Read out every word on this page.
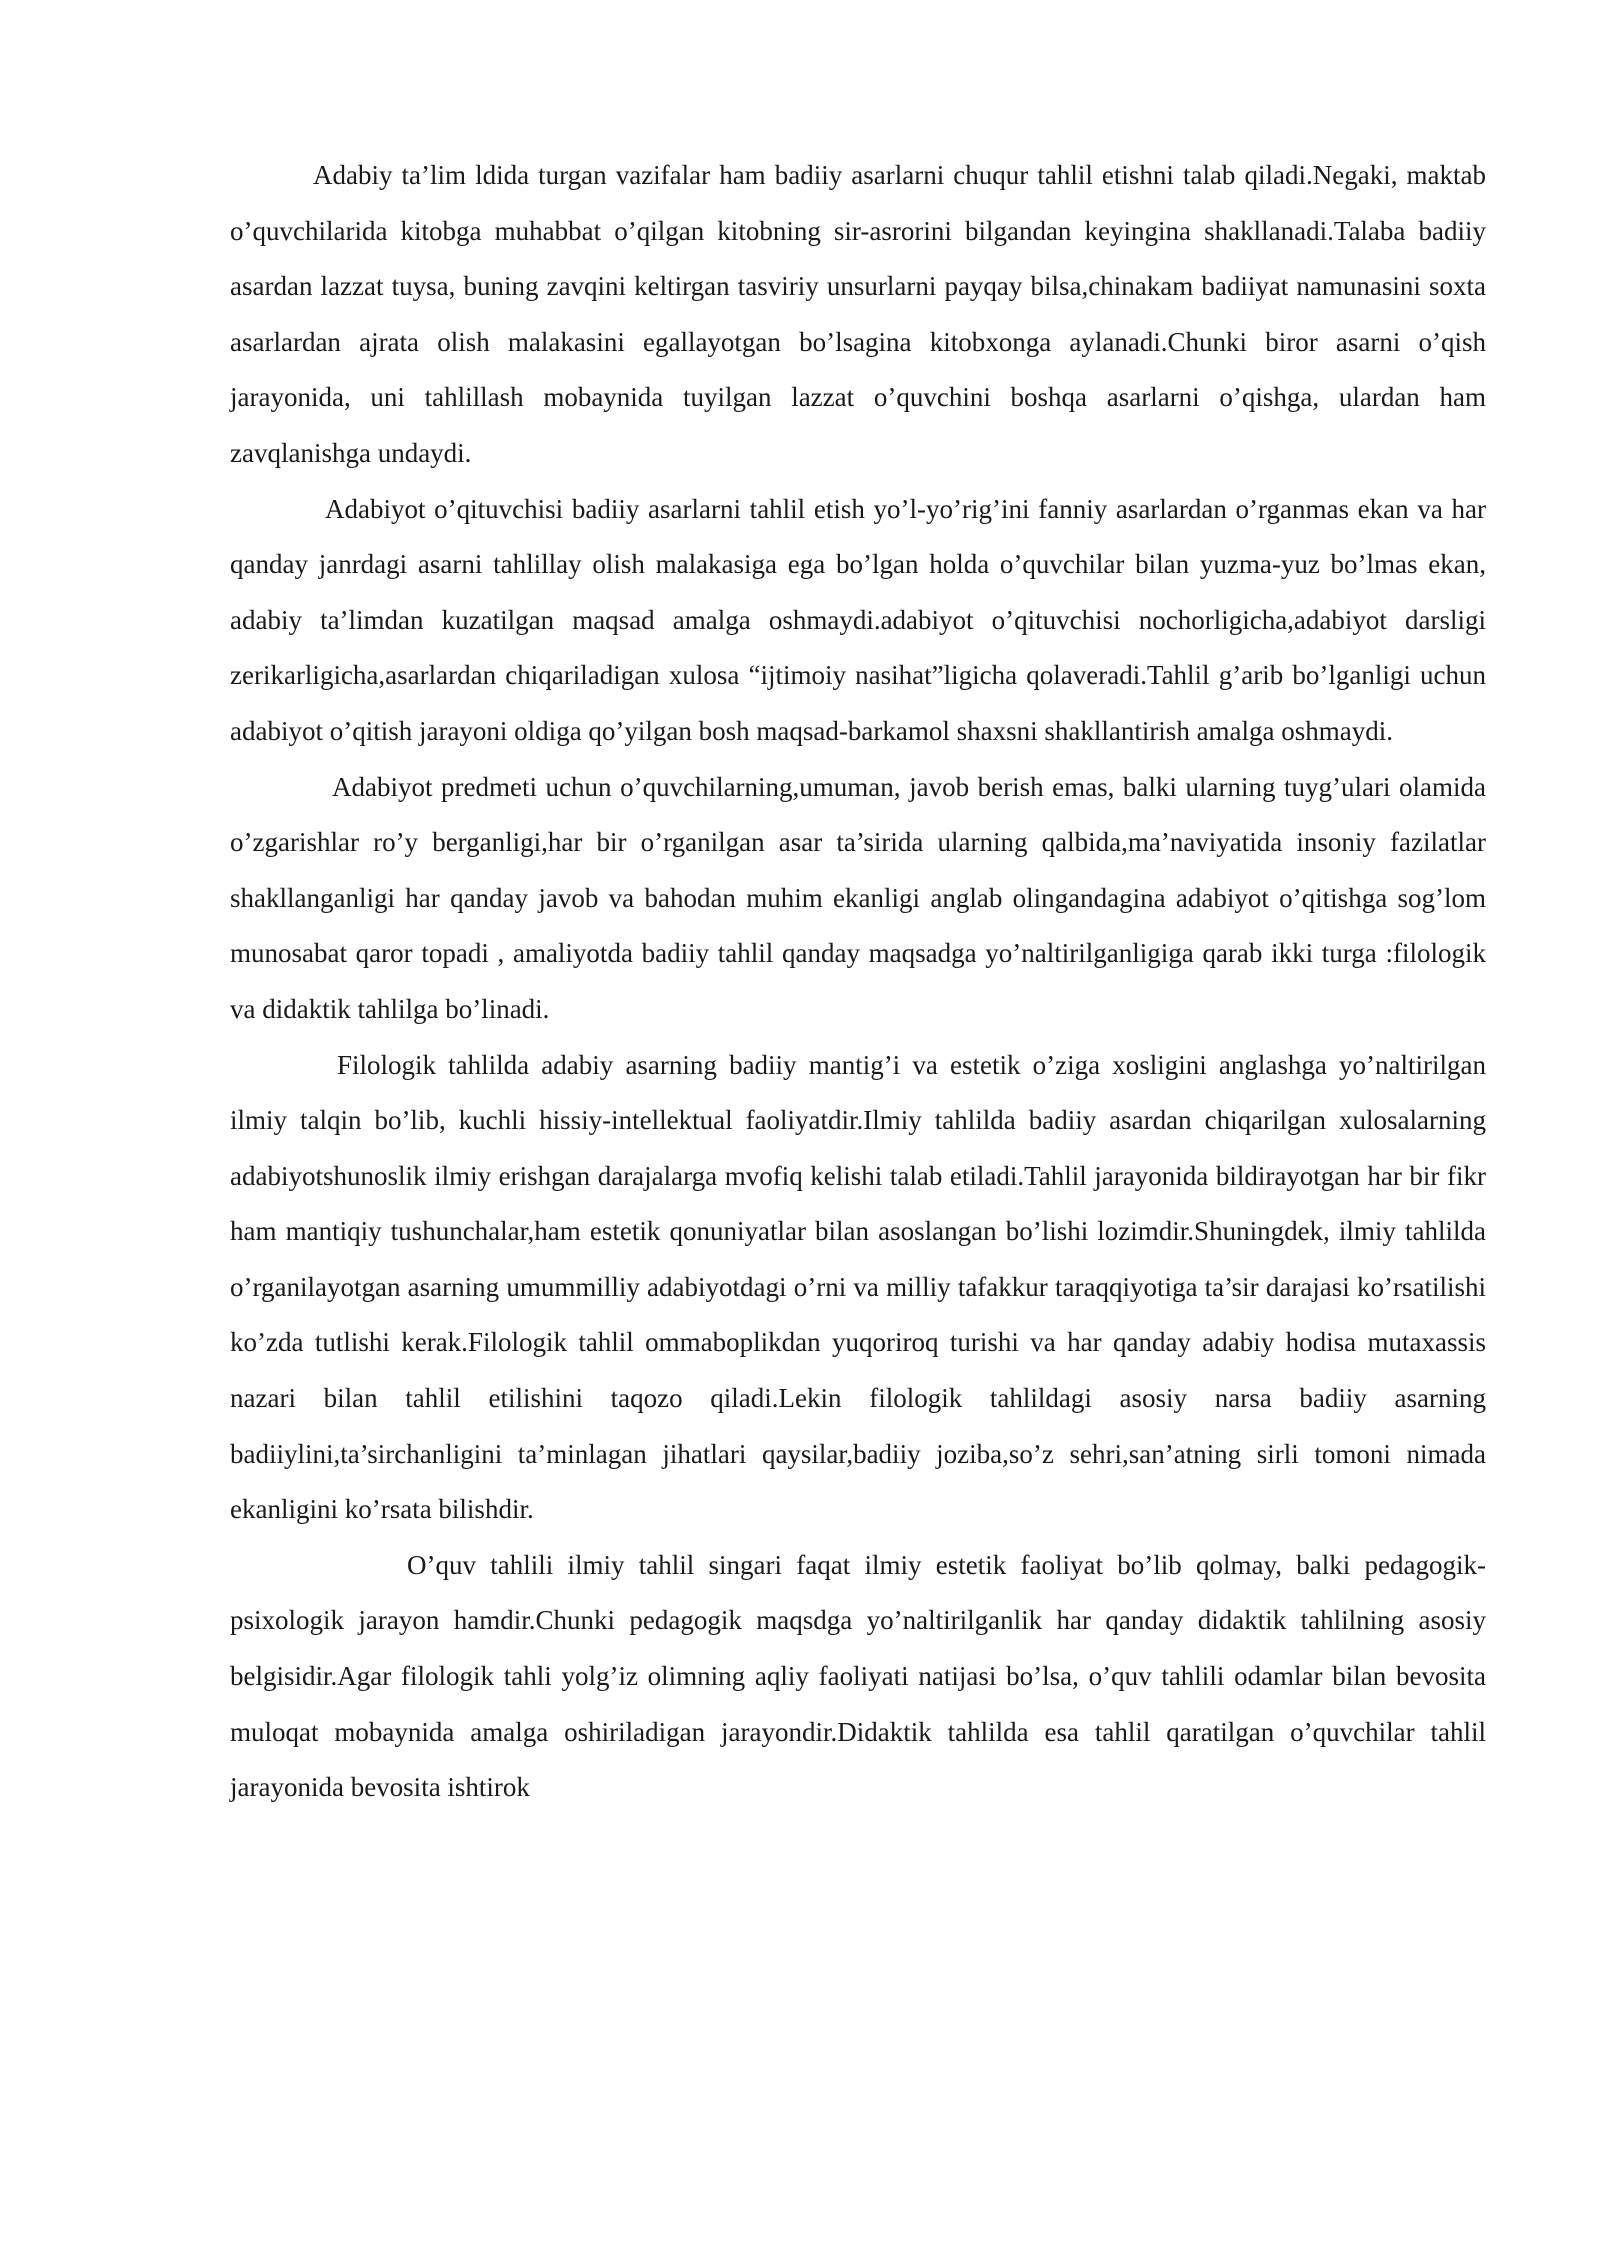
Adabiy ta’lim ldida turgan vazifalar ham badiiy asarlarni chuqur tahlil etishni talab qiladi.Negaki, maktab o’quvchilarida kitobga muhabbat o’qilgan kitobning sir-asrorini bilgandan keyingina shakllanadi.Talaba badiiy asardan lazzat tuysa, buning zavqini keltirgan tasviriy unsurlarni payqay bilsa,chinakam badiiyat namunasini soxta asarlardan ajrata olish malakasini egallayotgan bo’lsagina kitobxonga aylanadi.Chunki biror asarni o’qish jarayonida, uni tahlillash mobaynida tuyilgan lazzat o’quvchini boshqa asarlarni o’qishga, ulardan ham zavqlanishga undaydi.

Adabiyot o’qituvchisi badiiy asarlarni tahlil etish yo’l-yo’rig’ini fanniy asarlardan o’rganmas ekan va har qanday janrdagi asarni tahlillay olish malakasiga ega bo’lgan holda o’quvchilar bilan yuzma-yuz bo’lmas ekan, adabiy ta’limdan kuzatilgan maqsad amalga oshmaydi.adabiyot o’qituvchisi nochorligicha,adabiyot darsligi zerikarligicha,asarlardan chiqariladigan xulosa “ijtimoiy nasihat”ligicha qolaveradi.Tahlil g’arib bo’lganligi uchun adabiyot o’qitish jarayoni oldiga qo’yilgan bosh maqsad-barkamol shaxsni shakllantirish amalga oshmaydi.

Adabiyot predmeti uchun o’quvchilarning,umuman, javob berish emas, balki ularning tuyg’ulari olamida o’zgarishlar ro’y berganligi,har bir o’rganilgan asar ta’sirida ularning qalbida,ma’naviyatida insoniy fazilatlar shakllanganligi har qanday javob va bahodan muhim ekanligi anglab olingandagina adabiyot o’qitishga sog’lom munosabat qaror topadi , amaliyotda badiiy tahlil qanday maqsadga yo’naltirilganligiga qarab ikki turga :filologik va didaktik tahlilga bo’linadi.

Filologik tahlilda adabiy asarning badiiy mantig’i va estetik o’ziga xosligini anglashga yo’naltirilgan ilmiy talqin bo’lib, kuchli hissiy-intellektual faoliyatdir.Ilmiy tahlilda badiiy asardan chiqarilgan xulosalarning adabiyotshunoslik ilmiy erishgan darajalarga mvofiq kelishi talab etiladi.Tahlil jarayonida bildirayotgan har bir fikr ham mantiqiy tushunchalar,ham estetik qonuniyatlar bilan asoslangan bo’lishi lozimdir.Shuningdek, ilmiy tahlilda o’rganilayotgan asarning umummilliy adabiyotdagi o’rni va milliy tafakkur taraqqiyotiga ta’sir darajasi ko’rsatilishi ko’zda tutlishi kerak.Filologik tahlil ommaboplikdan yuqoriroq turishi va har qanday adabiy hodisa mutaxassis nazari bilan tahlil etilishini taqozo qiladi.Lekin filologik tahlildagi asosiy narsa badiiy asarning badiiylini,ta’sirchanligini ta’minlagan jihatlari qaysilar,badiiy joziba,so’z sehri,san’atning sirli tomoni nimada ekanligini ko’rsata bilishdir.

O’quv tahlili ilmiy tahlil singari faqat ilmiy estetik faoliyat bo’lib qolmay, balki pedagogik-psixologik jarayon hamdir.Chunki pedagogik maqsdga yo’naltirilganlik har qanday didaktik tahlilning asosiy belgisidir.Agar filologik tahli yolg’iz olimning aqliy faoliyati natijasi bo’lsa, o’quv tahlili odamlar bilan bevosita muloqat mobaynida amalga oshiriladigan jarayondir.Didaktik tahlilda esa tahlil qaratilgan o’quvchilar tahlil jarayonida bevosita ishtirok
